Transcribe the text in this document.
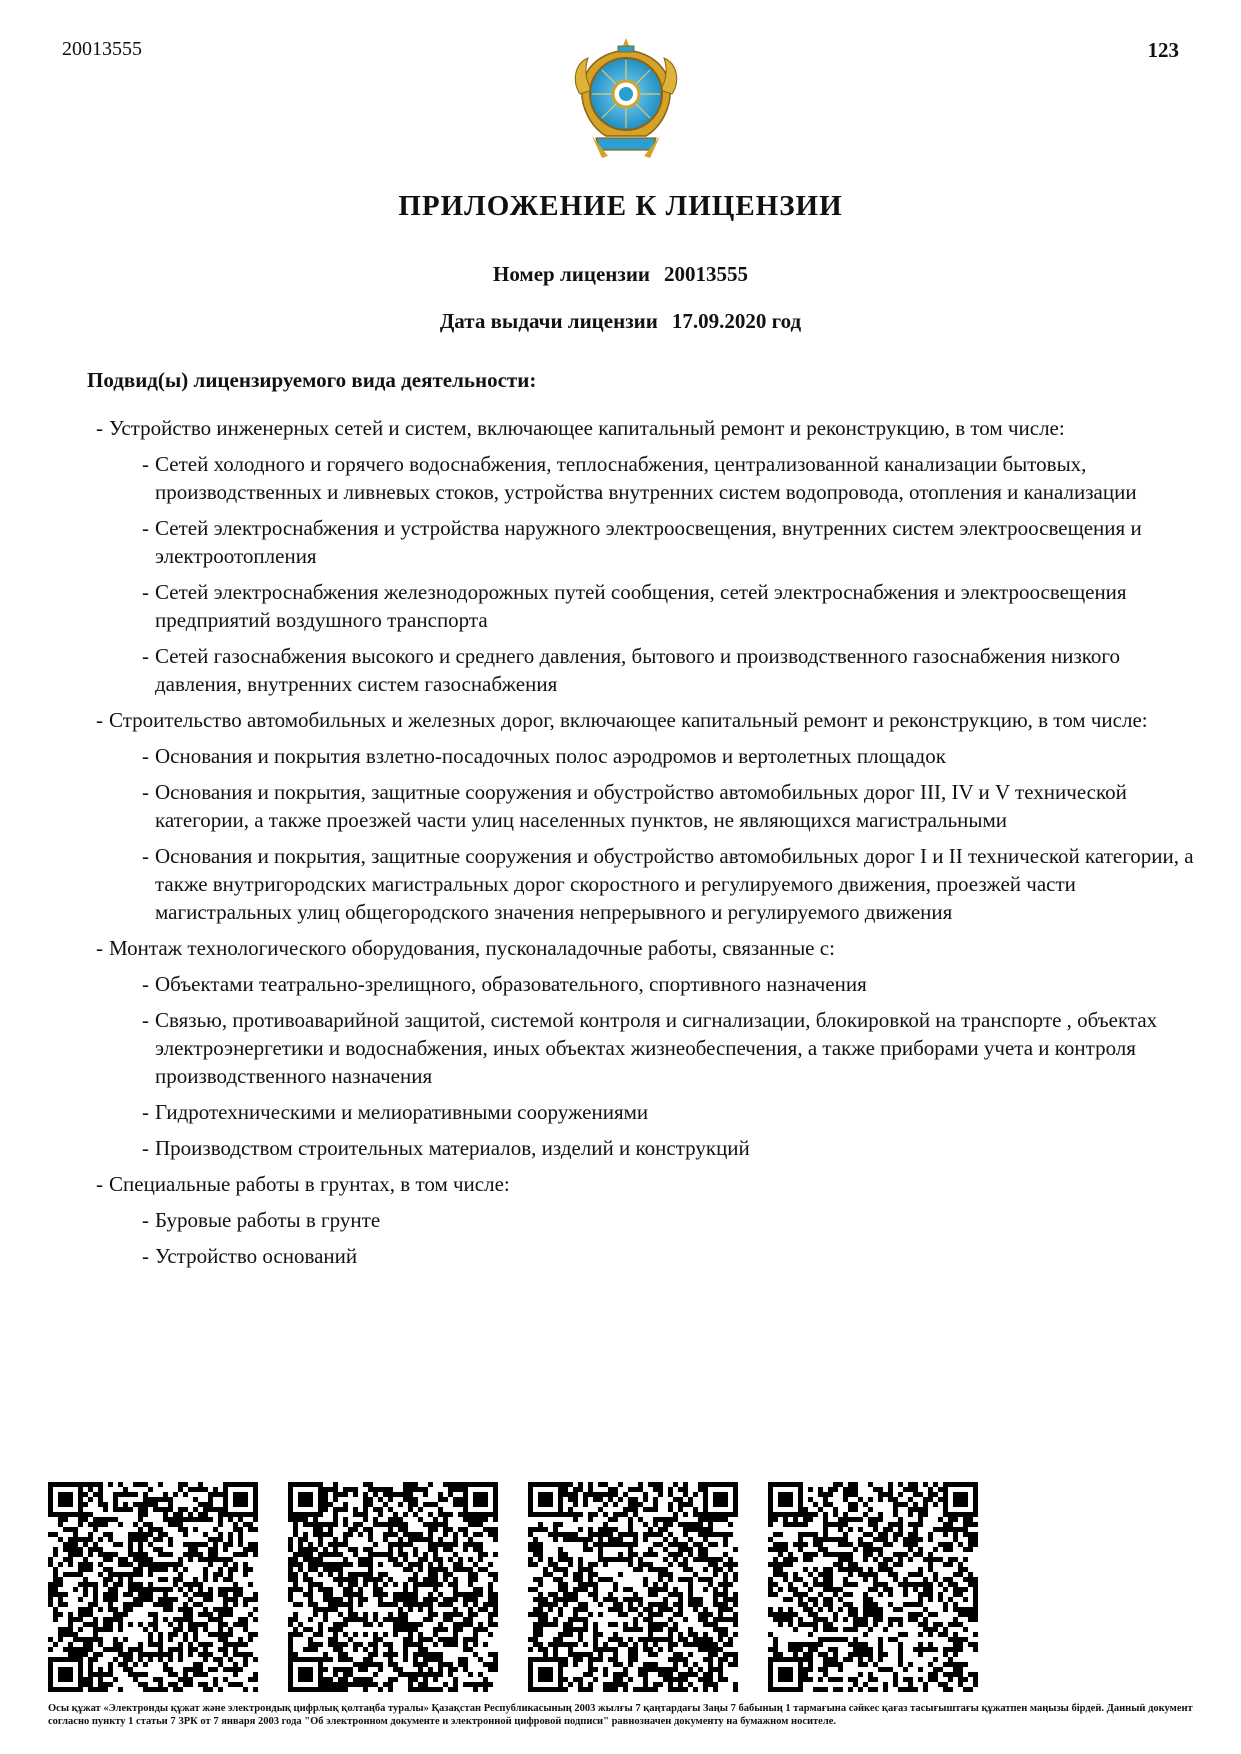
20013555	123
ПРИЛОЖЕНИЕ К ЛИЦЕНЗИИ
Номер лицензии 20013555
Дата выдачи лицензии 17.09.2020 год
Подвид(ы) лицензируемого вида деятельности:
- Устройство инженерных сетей и систем, включающее капитальный ремонт и реконструкцию, в том числе:
- Сетей холодного и горячего водоснабжения, теплоснабжения, централизованной канализации бытовых, производственных и ливневых стоков, устройства внутренних систем водопровода, отопления и канализации
- Сетей электроснабжения и устройства наружного электроосвещения, внутренних систем электроосвещения и электроотопления
- Сетей электроснабжения железнодорожных путей сообщения, сетей электроснабжения и электроосвещения предприятий воздушного транспорта
- Сетей газоснабжения высокого и среднего давления, бытового и производственного газоснабжения низкого давления, внутренних систем газоснабжения
- Строительство автомобильных и железных дорог, включающее капитальный ремонт и реконструкцию, в том числе:
- Основания и покрытия взлетно-посадочных полос аэродромов и вертолетных площадок
- Основания и покрытия, защитные сооружения и обустройство автомобильных дорог III, IV и V технической категории, а также проезжей части улиц населенных пунктов, не являющихся магистральными
- Основания и покрытия, защитные сооружения и обустройство автомобильных дорог I и II технической категории, а также внутригородских магистральных дорог скоростного и регулируемого движения, проезжей части магистральных улиц общегородского значения непрерывного и регулируемого движения
- Монтаж технологического оборудования, пусконаладочные работы, связанные с:
- Объектами театрально-зрелищного, образовательного, спортивного назначения
- Связью, противоаварийной защитой, системой контроля и сигнализации, блокировкой на транспорте , объектах электроэнергетики и водоснабжения, иных объектах жизнеобеспечения, а также приборами учета и контроля производственного назначения
- Гидротехническими и мелиоративными сооружениями
- Производством строительных материалов, изделий и конструкций
- Специальные работы в грунтах, в том числе:
- Буровые работы в грунте
- Устройство оснований
Осы құжат «Электронды құжат және электрондық цифрлық қолтаңба туралы» Қазақстан Республикасының 2003 жылғы 7 қаңтардағы Заңы 7 бабының 1 тармағына сәйкес қағаз тасығыштағы құжатпен маңызы бірдей. Данный документ согласно пункту 1 статьи 7 ЗРК от 7 января 2003 года "Об электронном документе и электронной цифровой подписи" равнозначен документу на бумажном носителе.
